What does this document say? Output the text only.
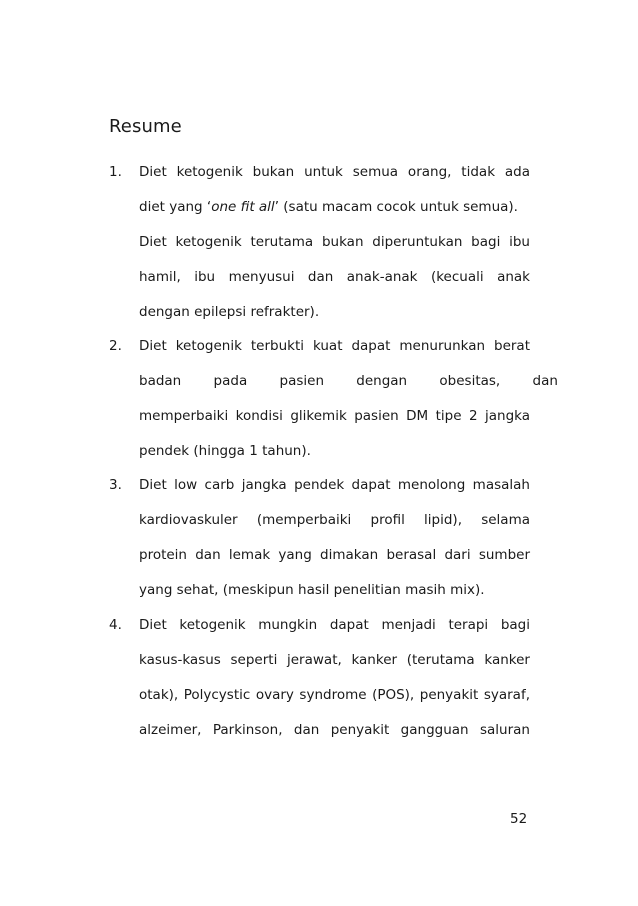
Resume
1. Diet ketogenik bukan untuk semua orang, tidak ada
diet yang ‘one fit all’ (satu macam cocok untuk semua).
Diet ketogenik terutama bukan diperuntukan bagi ibu
hamil, ibu menyusui dan anak-anak (kecuali anak
dengan epilepsi refrakter).
2. Diet ketogenik terbukti kuat dapat menurunkan berat
badan pada pasien dengan obesitas, dan
memperbaiki kondisi glikemik pasien DM tipe 2 jangka
pendek (hingga 1 tahun).
3. Diet low carb jangka pendek dapat menolong masalah
kardiovaskuler (memperbaiki profil lipid), selama
protein dan lemak yang dimakan berasal dari sumber
yang sehat, (meskipun hasil penelitian masih mix).
4. Diet ketogenik mungkin dapat menjadi terapi bagi
kasus-kasus seperti jerawat, kanker (terutama kanker
otak), Polycystic ovary syndrome (POS), penyakit syaraf,
alzeimer, Parkinson, dan penyakit gangguan saluran
52
